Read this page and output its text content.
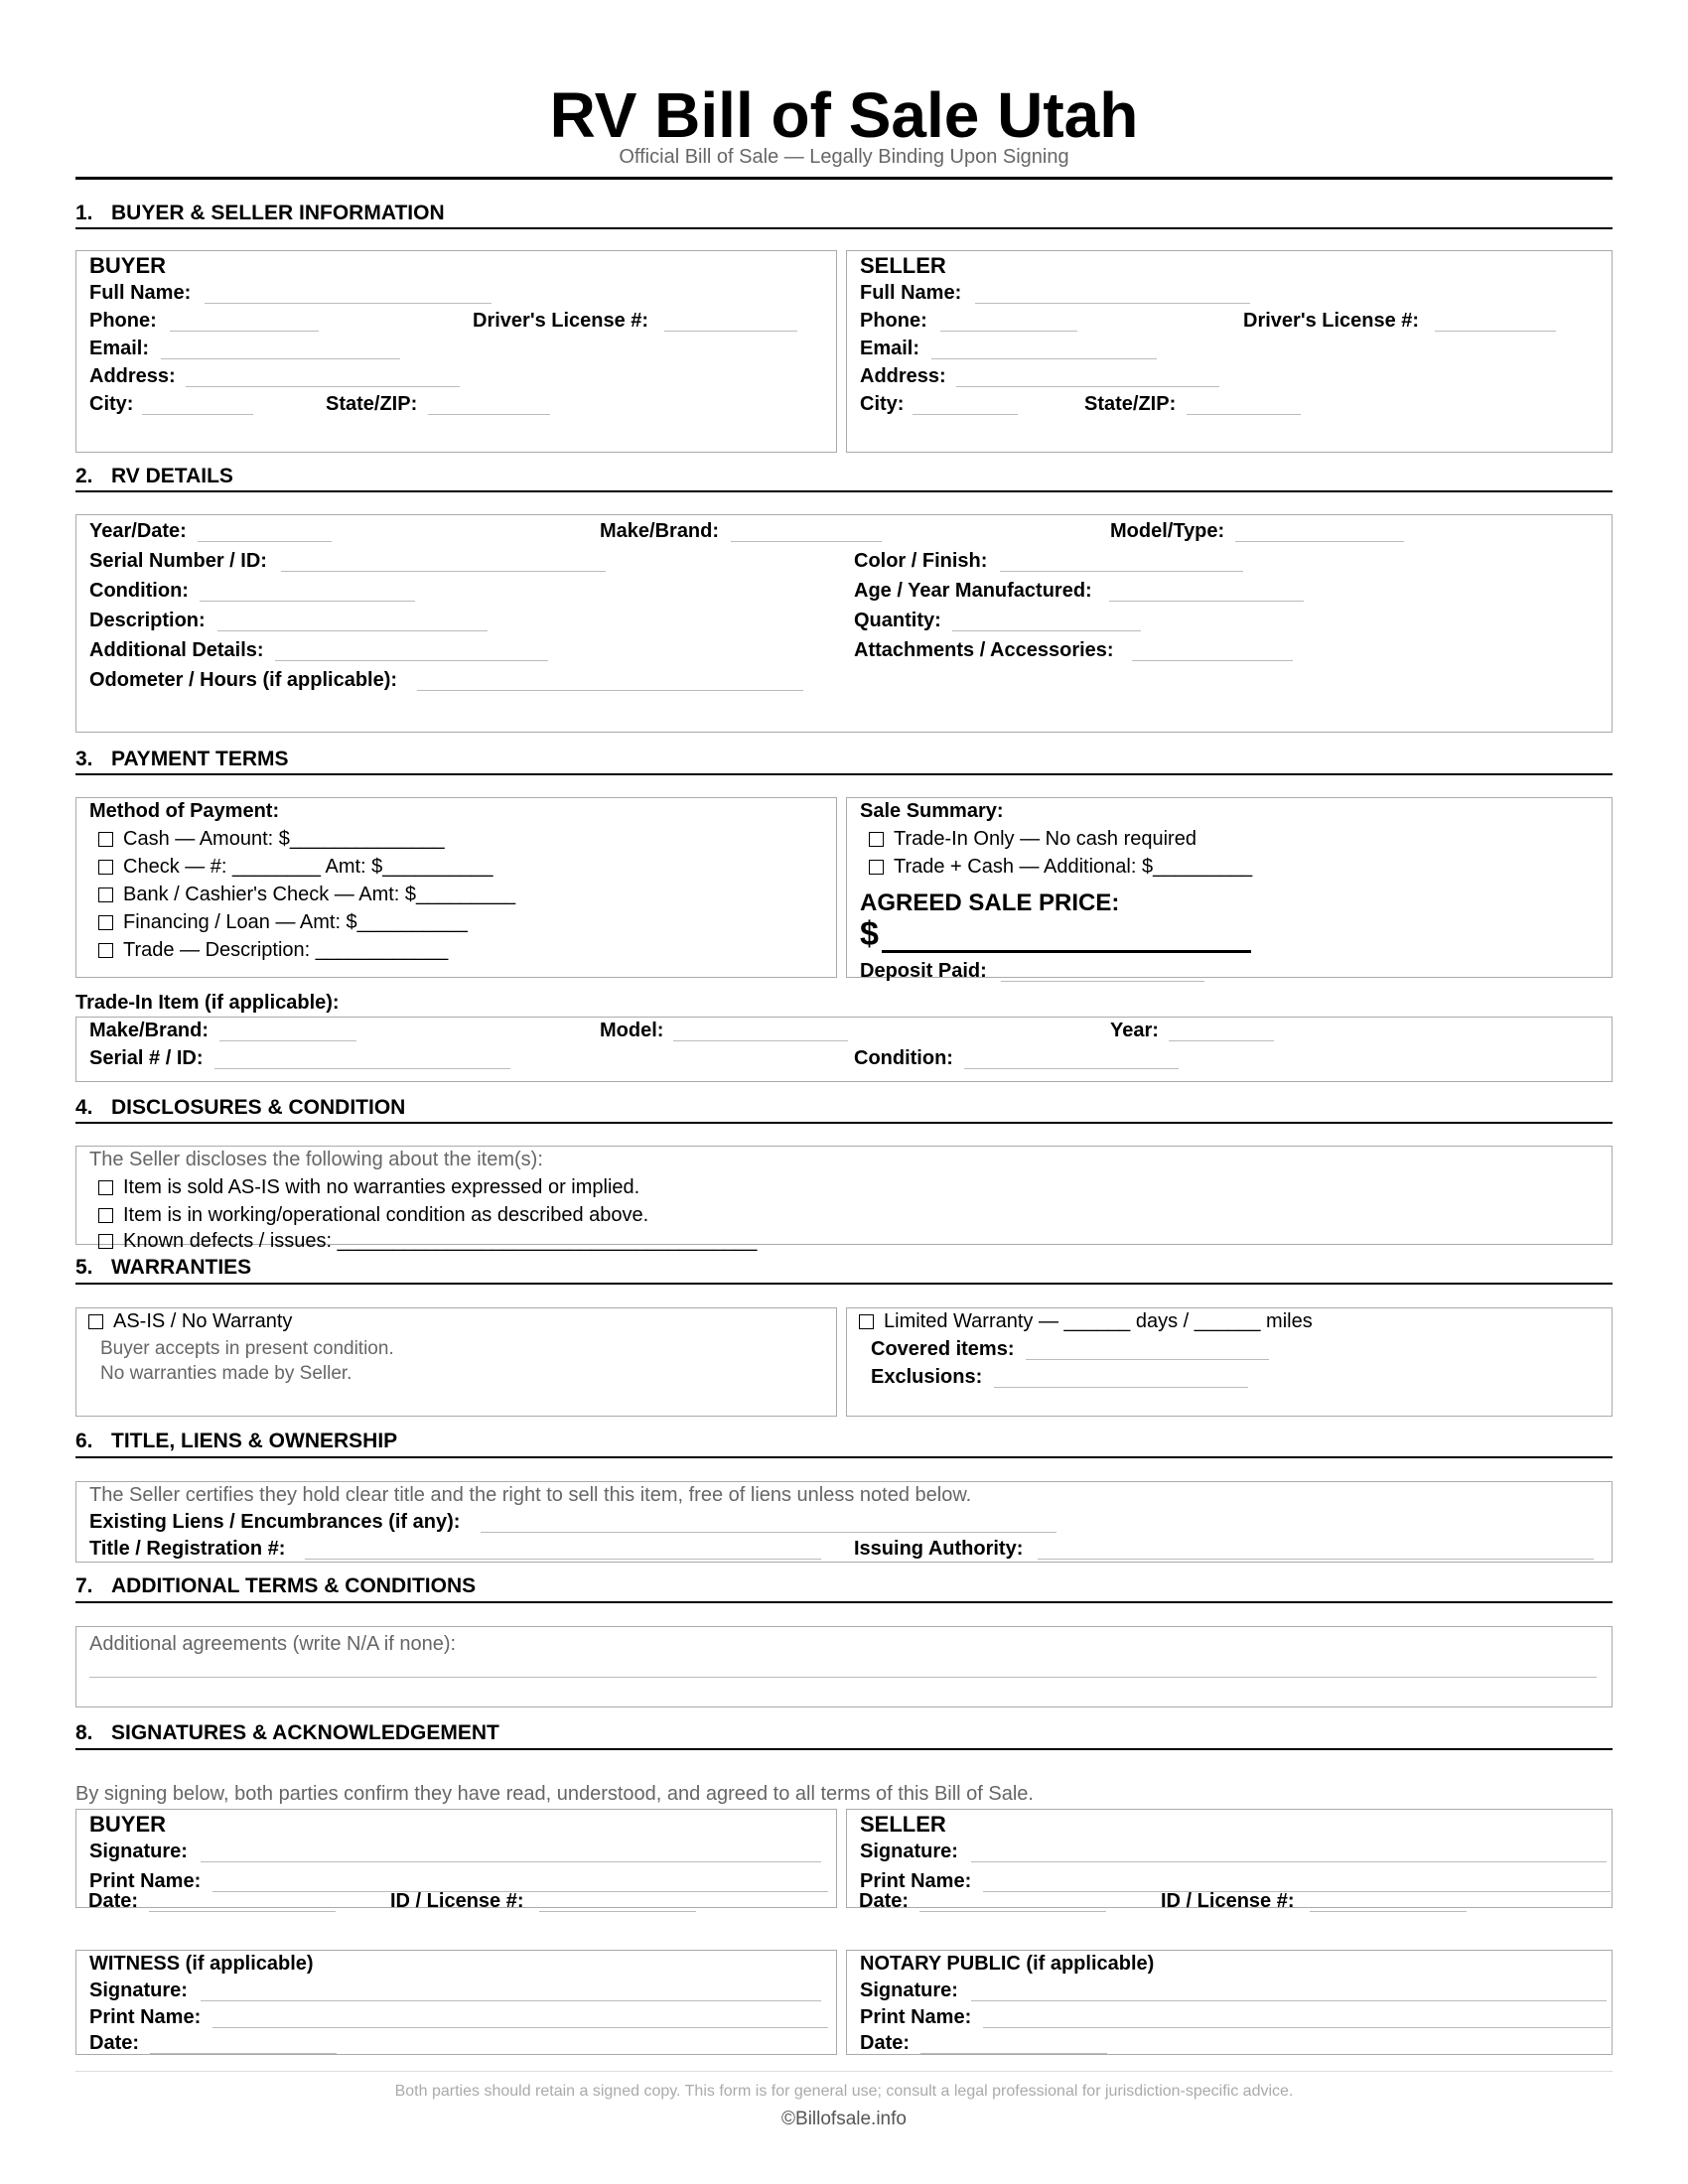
RV Bill of Sale Utah
Official Bill of Sale — Legally Binding Upon Signing
1. BUYER & SELLER INFORMATION
BUYER
Full Name:
Phone:	Driver's License #:
Email:
Address:
City:	State/ZIP:
SELLER
Full Name:
Phone:	Driver's License #:
Email:
Address:
City:	State/ZIP:
2. RV DETAILS
Year/Date:	Make/Brand:	Model/Type:
Serial Number / ID:	Color / Finish:
Condition:	Age / Year Manufactured:
Description:	Quantity:
Additional Details:	Attachments / Accessories:
Odometer / Hours (if applicable):
3. PAYMENT TERMS
Method of Payment:
Cash — Amount: $______________
Check — #: ________ Amt: $__________
Bank / Cashier's Check — Amt: $_________
Financing / Loan — Amt: $__________
Trade — Description: ____________
Sale Summary:
Trade-In Only — No cash required
Trade + Cash — Additional: $_________
AGREED SALE PRICE:
$
Deposit Paid:
Trade-In Item (if applicable):
Make/Brand:	Model:	Year:
Serial # / ID:	Condition:
4. DISCLOSURES & CONDITION
The Seller discloses the following about the item(s):
Item is sold AS-IS with no warranties expressed or implied.
Item is in working/operational condition as described above.
Known defects / issues: ______________________________________
5. WARRANTIES
AS-IS / No Warranty
Buyer accepts in present condition.
No warranties made by Seller.
Limited Warranty — ______ days / ______ miles
Covered items:
Exclusions:
6. TITLE, LIENS & OWNERSHIP
The Seller certifies they hold clear title and the right to sell this item, free of liens unless noted below.
Existing Liens / Encumbrances (if any):
Title / Registration #:	Issuing Authority:
7. ADDITIONAL TERMS & CONDITIONS
Additional agreements (write N/A if none):
8. SIGNATURES & ACKNOWLEDGEMENT
By signing below, both parties confirm they have read, understood, and agreed to all terms of this Bill of Sale.
BUYER
Signature:
Print Name:
Date:	ID / License #:
SELLER
Signature:
Print Name:
Date:	ID / License #:
WITNESS (if applicable)
Signature:
Print Name:
Date:
NOTARY PUBLIC (if applicable)
Signature:
Print Name:
Date:
Both parties should retain a signed copy. This form is for general use; consult a legal professional for jurisdiction-specific advice.
©Billofsale.info
